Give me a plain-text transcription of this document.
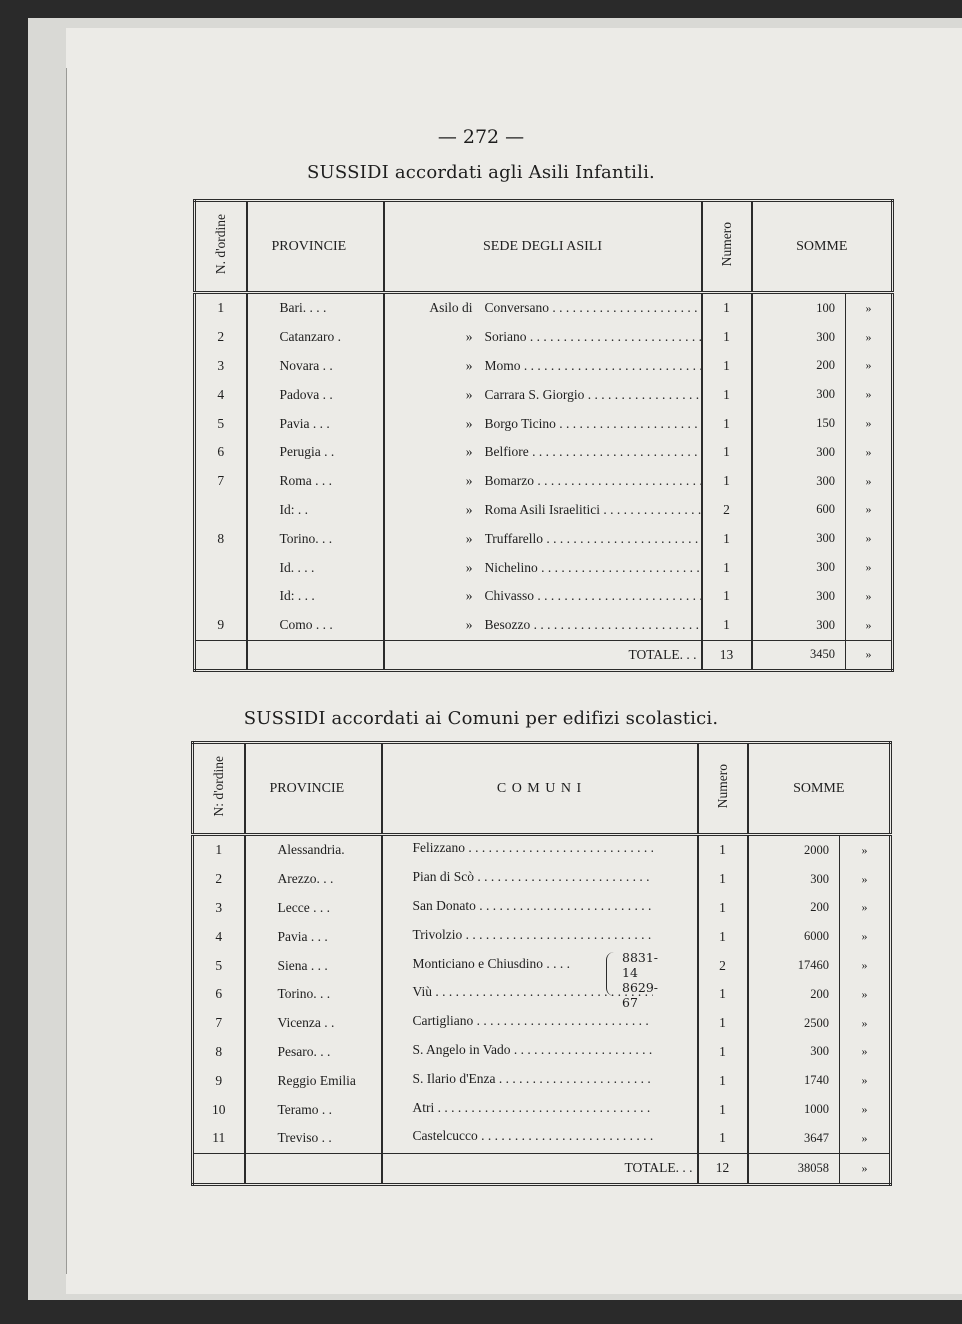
— 272 —
SUSSIDI accordati agli Asili Infantili.
N. d'ordine	PROVINCIE	SEDE DEGLI ASILI	Numero	SOMME	
1	Bari. . . .	Asilo di Conversano . . .	1	100	»
2	Catanzaro .	» Soriano . . .	1	300	»
3	Novara . .	» Momo . . .	1	200	»
4	Padova . .	» Carrara S. Giorgio . . .	1	300	»
5	Pavia . . .	» Borgo Ticino . . .	1	150	»
6	Perugia . .	» Belfiore . . .	1	300	»
7	Roma . . .	» Bomarzo . . .	1	300	»
	Id: . .	» Roma Asili Israelitici . . .	2	600	»
8	Torino. . .	» Truffarello . . .	1	300	»
	Id. . . .	» Nichelino . . .	1	300	»
	Id: . . .	» Chivasso . . .	1	300	»
9	Como . . .	» Besozzo . . .	1	300	»
		TOTALE. . .	13	3450	»
SUSSIDI accordati ai Comuni per edifizi scolastici.
N: d'ordine	PROVINCIE	C O M U N I	Numero	SOMME	
1	Alessandria.	Felizzano . . .	1	2000	»
2	Arezzo. . .	Pian di Scò . . .	1	300	»
3	Lecce . . .	San Donato . . .	1	200	»
4	Pavia . . .	Trivolzio . . .	1	6000	»
5	Siena . . .	Monticiano e Chiusdino . . .	2	17460	»
6	Torino. . .	Viù . . .	1	200	»
7	Vicenza . .	Cartigliano . . .	1	2500	»
8	Pesaro. . .	S. Angelo in Vado . . .	1	300	»
9	Reggio Emilia	S. Ilario d'Enza . . .	1	1740	»
10	Teramo . .	Atri . . .	1	1000	»
11	Treviso . .	Castelcucco . . .	1	3647	»
		TOTALE. . .	12	38058	»
8831-14
8629-67
